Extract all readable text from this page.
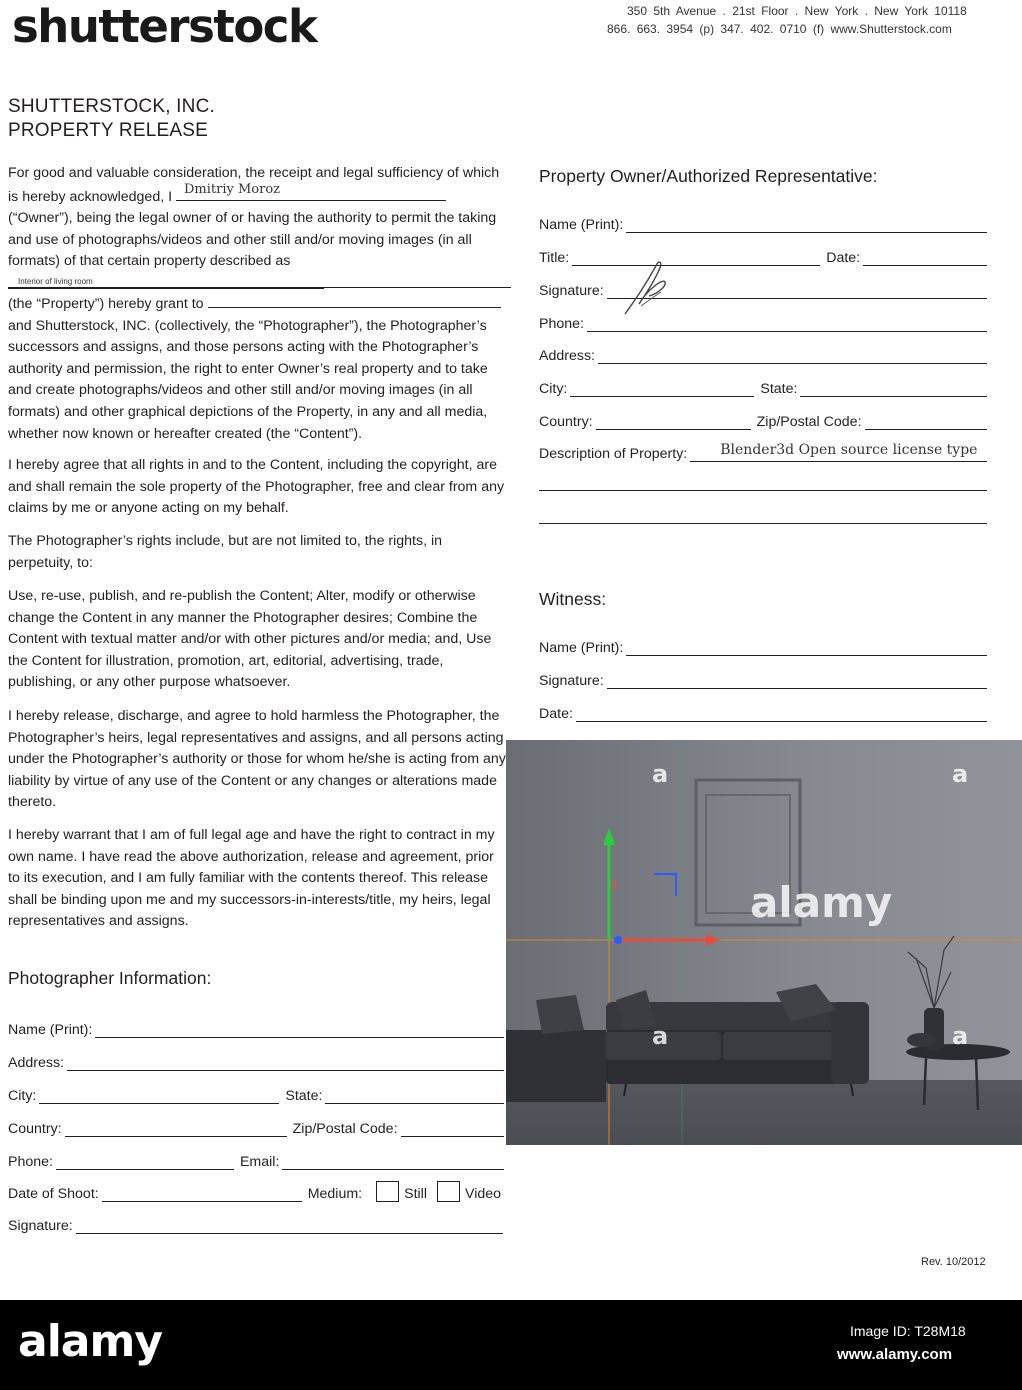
shutterstock	350 5th Avenue . 21st Floor . New York . New York 10118
866. 663. 3954 (p) 347. 402. 0710 (f) www.Shutterstock.com
SHUTTERSTOCK, INC.
PROPERTY RELEASE
For good and valuable consideration, the receipt and legal sufficiency of which is hereby acknowledged, I Dmitriy Moroz
(“Owner”), being the legal owner of or having the authority to permit the taking and use of photographs/videos and other still and/or moving images (in all formats) of that certain property described as
Interior of living room
(the “Property”) hereby grant to  and Shutterstock, INC. (collectively, the “Photographer”), the Photographer’s successors and assigns, and those persons acting with the Photographer’s authority and permission, the right to enter Owner’s real property and to take and create photographs/videos and other still and/or moving images (in all formats) and other graphical depictions of the Property, in any and all media, whether now known or hereafter created (the “Content”).
I hereby agree that all rights in and to the Content, including the copyright, are and shall remain the sole property of the Photographer, free and clear from any claims by me or anyone acting on my behalf.
The Photographer’s rights include, but are not limited to, the rights, in perpetuity, to:
Use, re-use, publish, and re-publish the Content; Alter, modify or otherwise change the Content in any manner the Photographer desires; Combine the Content with textual matter and/or with other pictures and/or media; and, Use the Content for illustration, promotion, art, editorial, advertising, trade, publishing, or any other purpose whatsoever.
I hereby release, discharge, and agree to hold harmless the Photographer, the Photographer’s heirs, legal representatives and assigns, and all persons acting under the Photographer’s authority or those for whom he/she is acting from any liability by virtue of any use of the Content or any changes or alterations made thereto.
I hereby warrant that I am of full legal age and have the right to contract in my own name. I have read the above authorization, release and agreement, prior to its execution, and I am fully familiar with the contents thereof. This release shall be binding upon me and my successors-in-interests/title, my heirs, legal representatives and assigns.
Photographer Information:
Name (Print):
Address:
City:	State:
Country:	Zip/Postal Code:
Phone:	Email:
Date of Shoot:	Medium:	Still	Video
Signature:
Property Owner/Authorized Representative:
Name (Print):
Title:	Date:
Signature:
Phone:
Address:
City:	State:
Country:	Zip/Postal Code:
Description of Property: Blender3d Open source license type
Witness:
Name (Print):
Signature:
Date:
alamy
a	a
a	a
Rev. 10/2012
alamy	Image ID: T28M18
www.alamy.com
